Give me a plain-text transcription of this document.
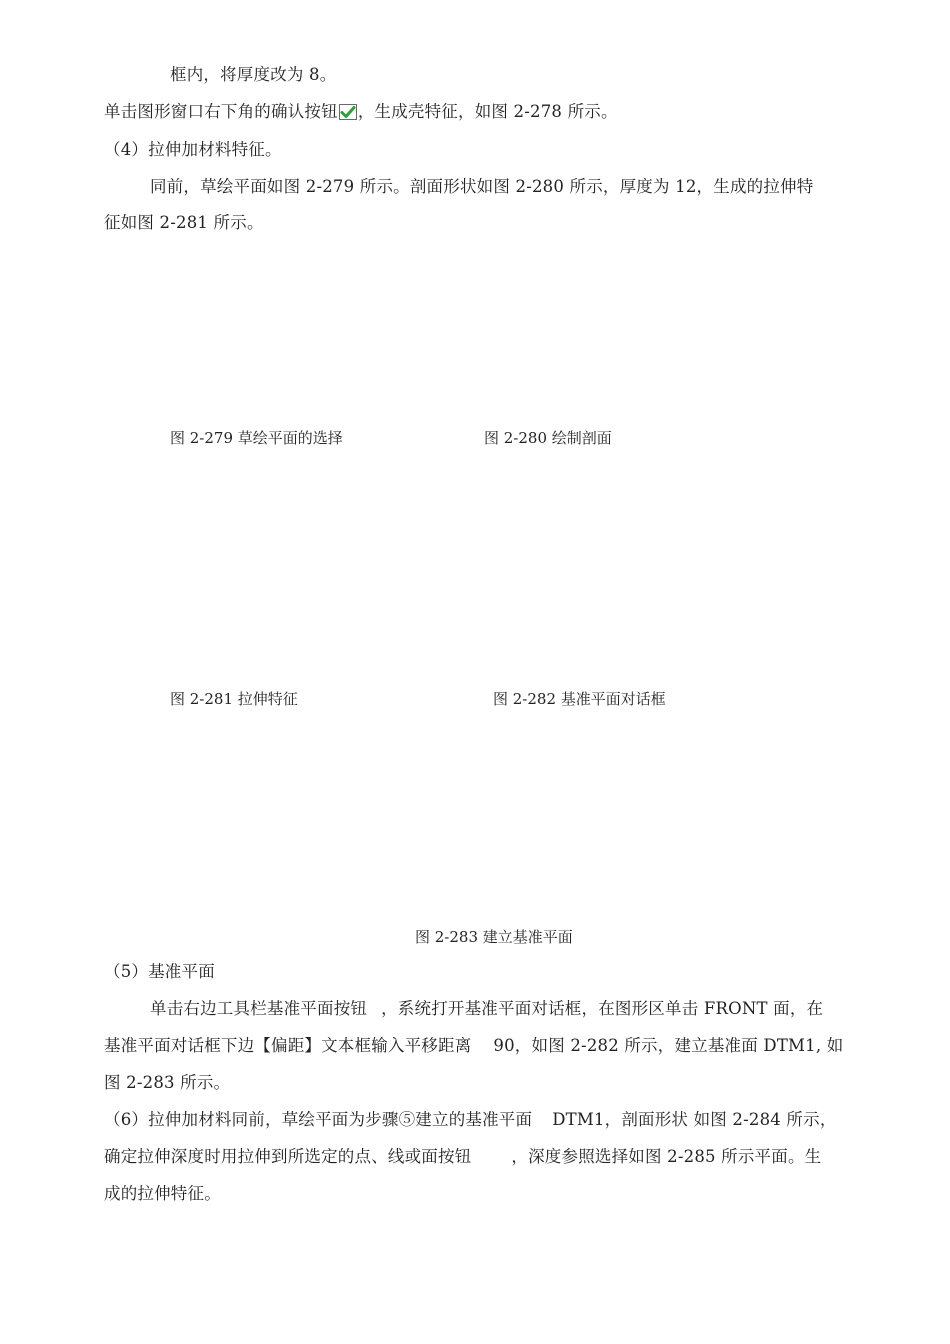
框内，将厚度改为 8。
单击图形窗口右下角的确认按钮 ，生成壳特征，如图 2-278 所示。
（4）拉伸加材料特征。
同前，草绘平面如图 2-279 所示。剖面形状如图 2-280 所示，厚度为 12，生成的拉伸特
征如图 2-281 所示。
图 2-279 草绘平面的选择	图 2-280 绘制剖面
图 2-281 拉伸特征	图 2-282 基准平面对话框
图 2-283 建立基准平面
（5）基准平面
单击右边工具栏基准平面按钮 ，系统打开基准平面对话框，在图形区单击 FRONT 面，在
基准平面对话框下边【偏距】文本框输入平移距离 90，如图 2-282 所示，建立基准面 DTM1, 如
图 2-283 所示。
（6）拉伸加材料同前，草绘平面为步骤⑤建立的基准平面 DTM1，剖面形状 如图 2-284 所示，
确定拉伸深度时用拉伸到所选定的点、线或面按钮 ，深度参照选择如图 2-285 所示平面。生
成的拉伸特征。
